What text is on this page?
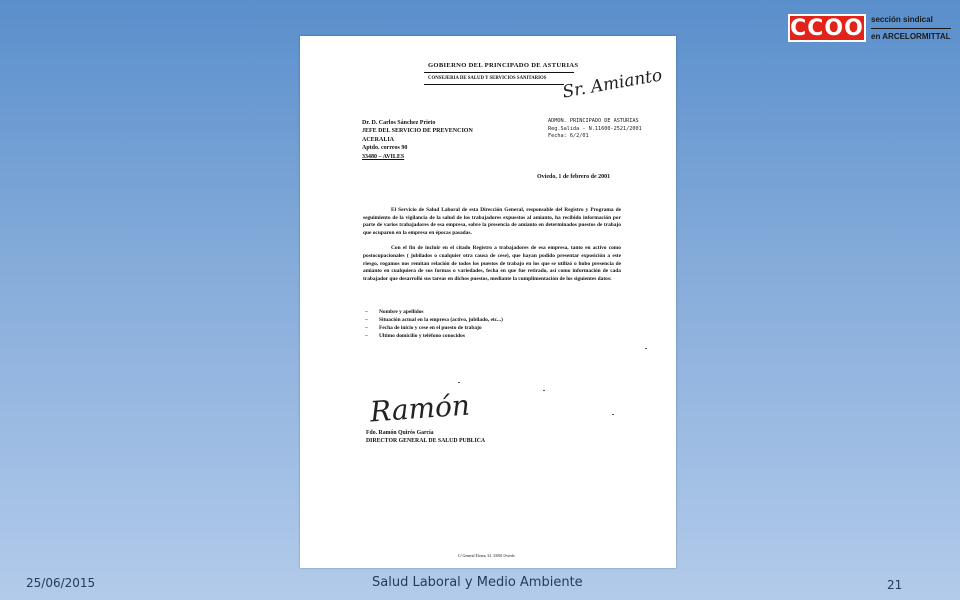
CCOO sección sindical
en ARCELORMITTAL
GOBIERNO DEL PRINCIPADO DE ASTURIAS
CONSEJERIA DE SALUD Y SERVICIOS SANITARIOS Sr. Amianto
Dr. D. Carlos Sánchez Prieto
JEFE DEL SERVICIO DE PREVENCION
ACERALIA
Aptdo. correos 90
33480 – AVILES
ADMON. PRINCIPADO DE ASTURIAS
Reg.Salida - N.11600-2521/2001
Fecha: 6/2/01
Oviedo, 1 de febrero de 2001

El Servicio de Salud Laboral de esta Dirección General, responsable del Registro y Programa de seguimiento de la vigilancia de la salud de los trabajadores expuestos al amianto, ha recibido información por parte de varios trabajadores de esa empresa, sobre la presencia de amianto en determinados puestos de trabajo que ocuparon en la empresa en épocas pasadas.

Con el fin de incluir en el citado Registro a trabajadores de esa empresa, tanto en activo como postocupacionales ( jubilados o cualquier otra causa de cese), que hayan podido presentar exposición a este riesgo, rogamos nos remitan relación de todos los puestos de trabajo en los que se utilizó o hubo presencia de amianto en cualquiera de sus formas o variedades, fecha en que fue retirado, así como información de cada trabajador que desarrolló sus tareas en dichos puestos, mediante la cumplimentación de los siguientes datos:

– Nombre y apellidos
– Situación actual en la empresa (activo, jubilado, etc...)
– Fecha de inicio y cese en el puesto de trabajo
– Ultimo domicilio y teléfono conocidos
Ramón
Fdo. Ramón Quirós García
DIRECTOR GENERAL DE SALUD PUBLICA
C/ General Elorza, 32. 33001 Oviedo
25/06/2015	Salud Laboral y Medio Ambiente	21
